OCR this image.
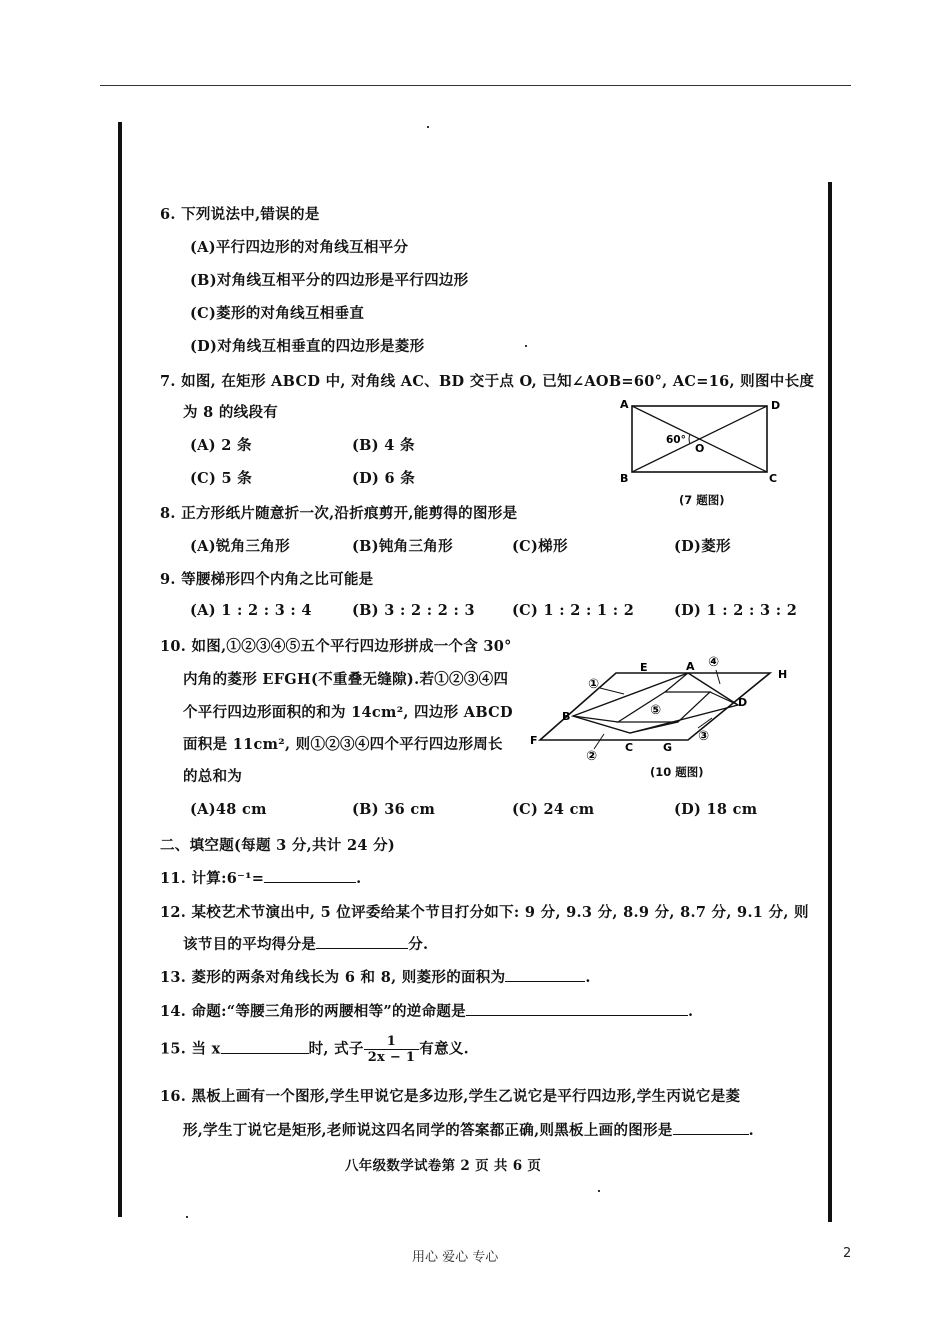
6. 下列说法中,错误的是
(A)平行四边形的对角线互相平分
(B)对角线互相平分的四边形是平行四边形
(C)菱形的对角线互相垂直
(D)对角线互相垂直的四边形是菱形
7. 如图, 在矩形 ABCD 中, 对角线 AC、BD 交于点 O, 已知∠AOB=60°, AC=16, 则图中长度
为 8 的线段有
(A) 2 条	(B) 4 条
(C) 5 条	(D) 6 条
A	D
B	C
O
60°
(7 题图)
8. 正方形纸片随意折一次,沿折痕剪开,能剪得的图形是
(A)锐角三角形	(B)钝角三角形	(C)梯形	(D)菱形
9. 等腰梯形四个内角之比可能是
(A) 1 : 2 : 3 : 4	(B) 3 : 2 : 2 : 3	(C) 1 : 2 : 1 : 2	(D) 1 : 2 : 3 : 2
10. 如图,①②③④⑤五个平行四边形拼成一个含 30°
内角的菱形 EFGH(不重叠无缝隙).若①②③④四
个平行四边形面积的和为 14cm², 四边形 ABCD
面积是 11cm², 则①②③④四个平行四边形周长
的总和为
E	A
H
B
D
F
C	G
①
④
⑤
③
②
(10 题图)
(A)48 cm	(B) 36 cm	(C) 24 cm	(D) 18 cm
二、填空题(每题 3 分,共计 24 分)
11. 计算:6⁻¹=	.
12. 某校艺术节演出中, 5 位评委给某个节目打分如下: 9 分, 9.3 分, 8.9 分, 8.7 分, 9.1 分, 则
该节目的平均得分是	分.
13. 菱形的两条对角线长为 6 和 8, 则菱形的面积为	.
14. 命题:“等腰三角形的两腰相等”的逆命题是	.
15. 当 x	时, 式子 $\frac{1}{2x - 1}$ 有意义.
16. 黑板上画有一个图形,学生甲说它是多边形,学生乙说它是平行四边形,学生丙说它是菱
形,学生丁说它是矩形,老师说这四名同学的答案都正确,则黑板上画的图形是	.
八年级数学试卷第 2 页 共 6 页
用心 爱心 专心	2
